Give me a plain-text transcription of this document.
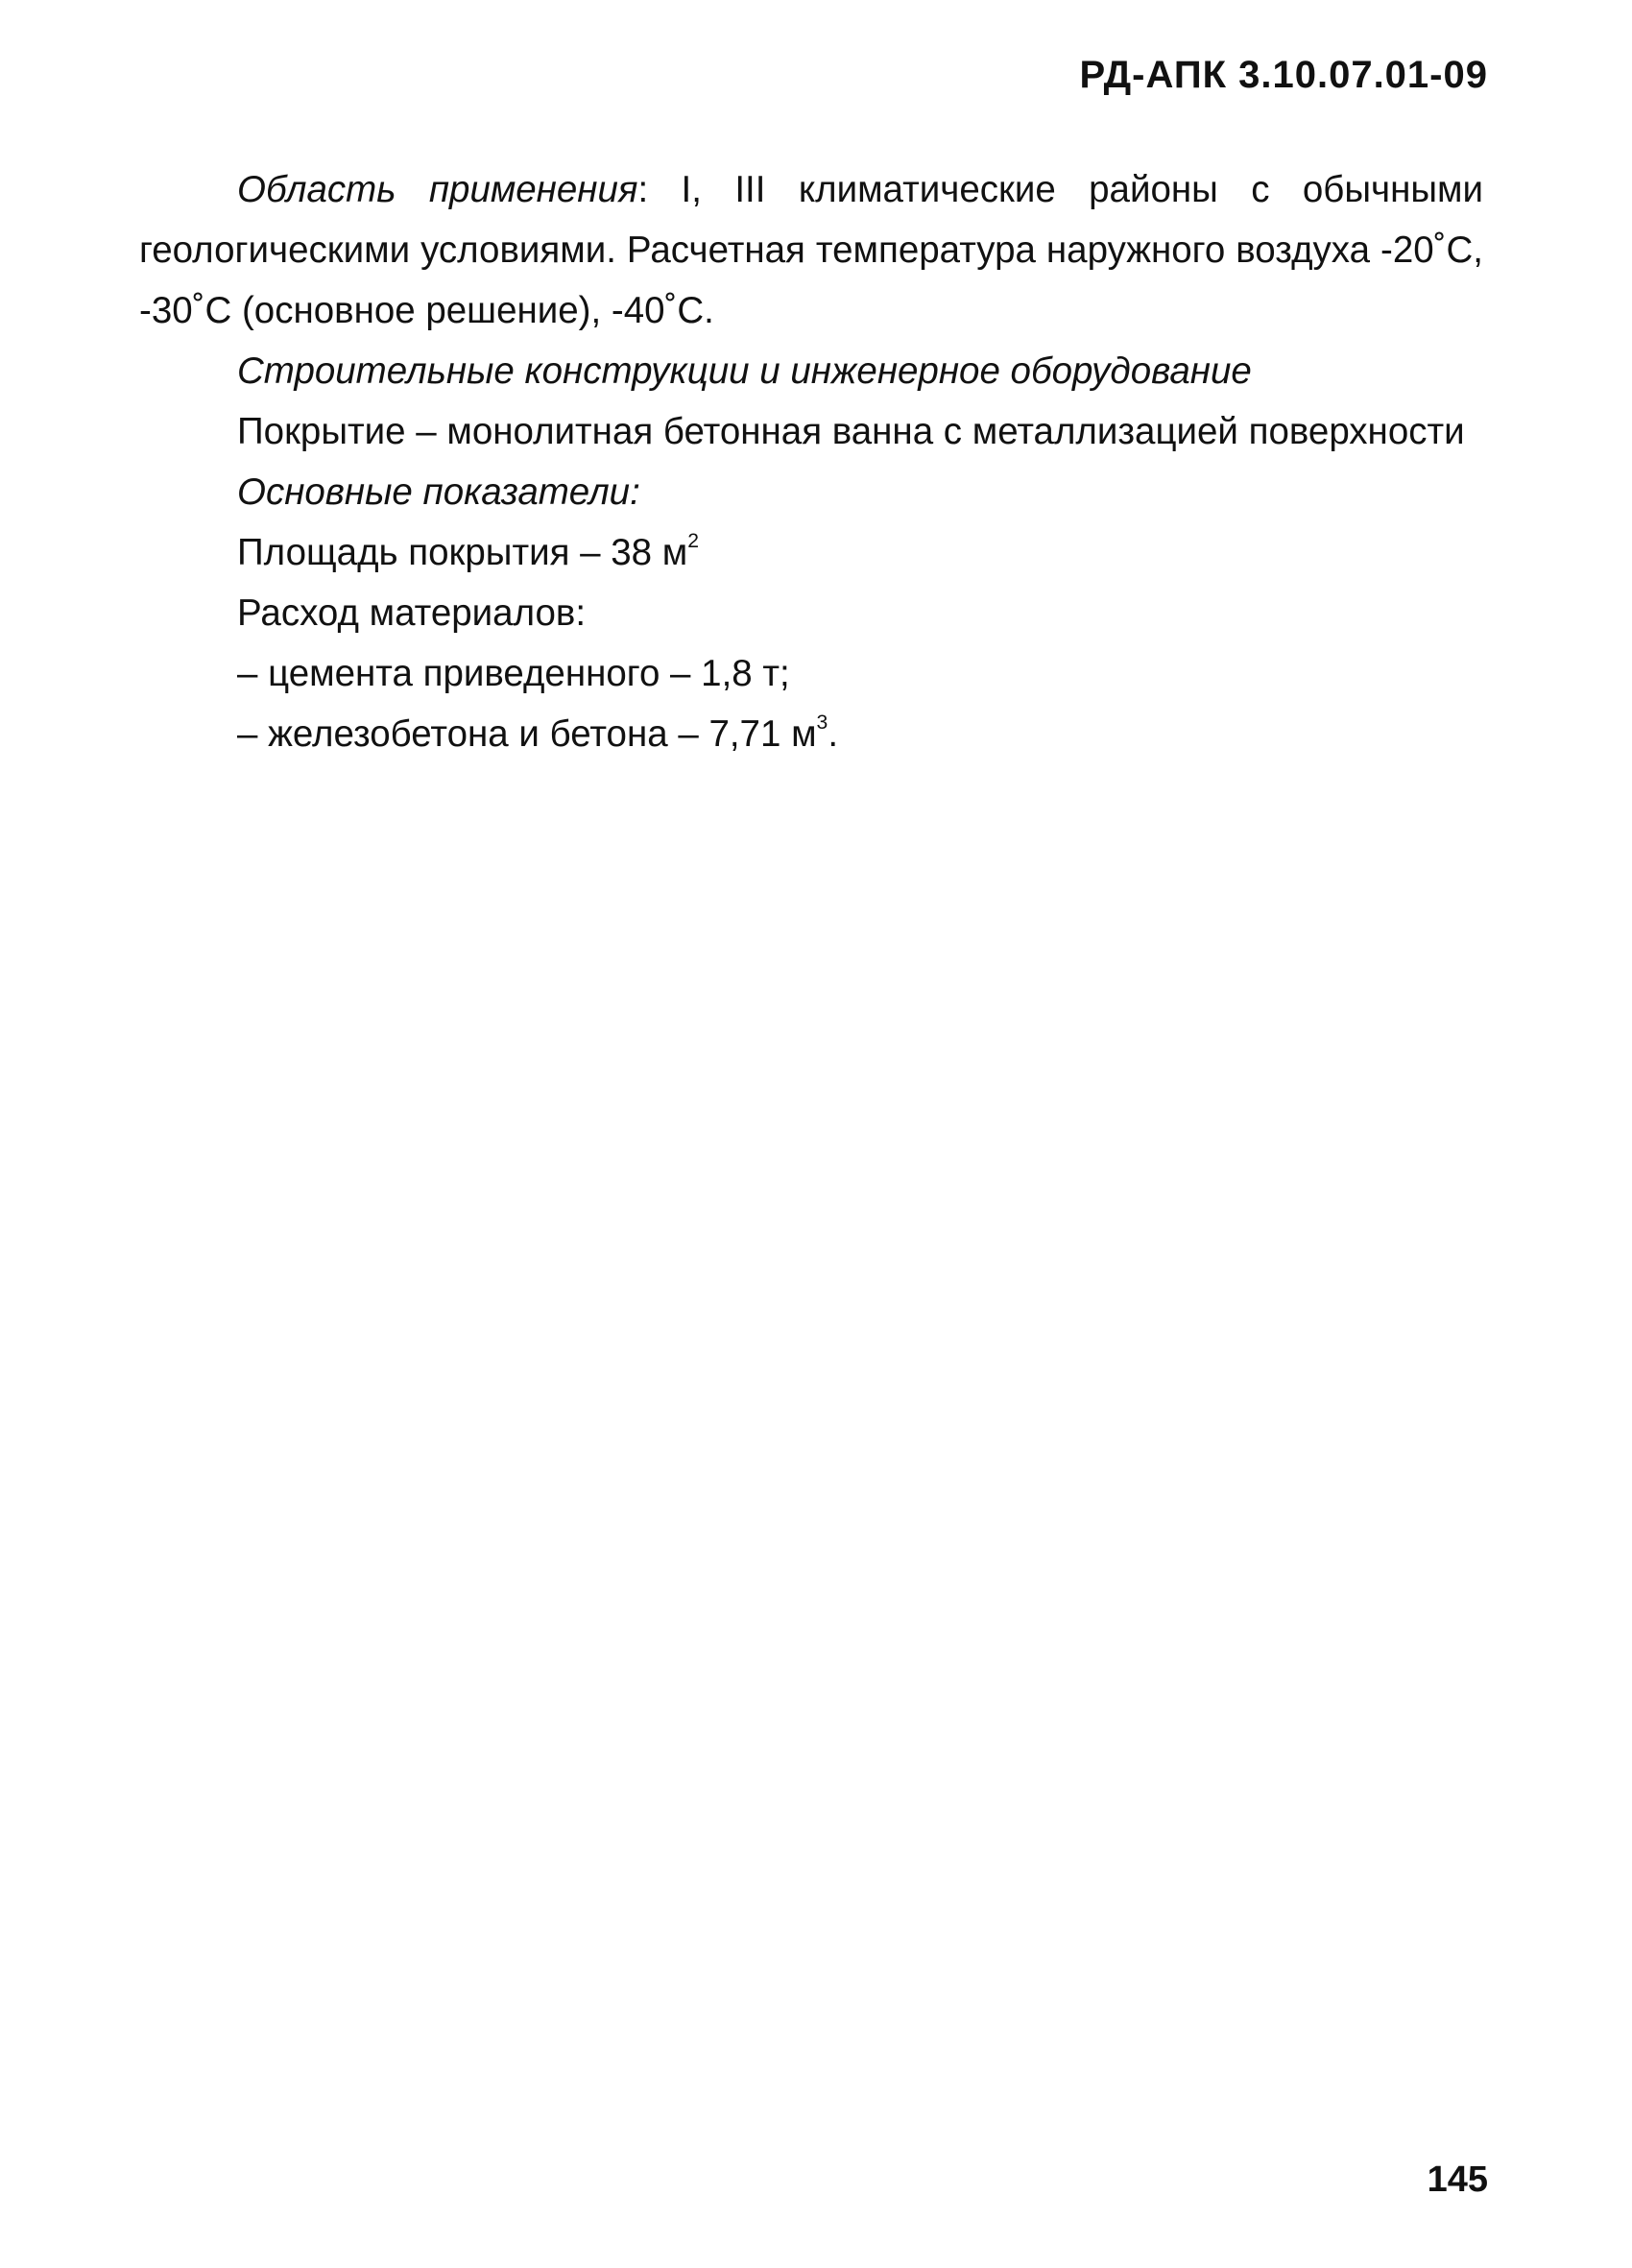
РД-АПК 3.10.07.01-09

Область применения: I, III климатические районы с обычными геологическими условиями. Расчетная температура наружного воздуха -20˚С, -30˚С (основное решение), -40˚С.

Строительные конструкции и инженерное оборудование

Покрытие – монолитная бетонная ванна с металлизацией поверхности

Основные показатели:

Площадь покрытия – 38 $м^2$

Расход материалов:

– цемента приведенного – 1,8 т;

– железобетона и бетона – 7,71 $м^3$.

145
